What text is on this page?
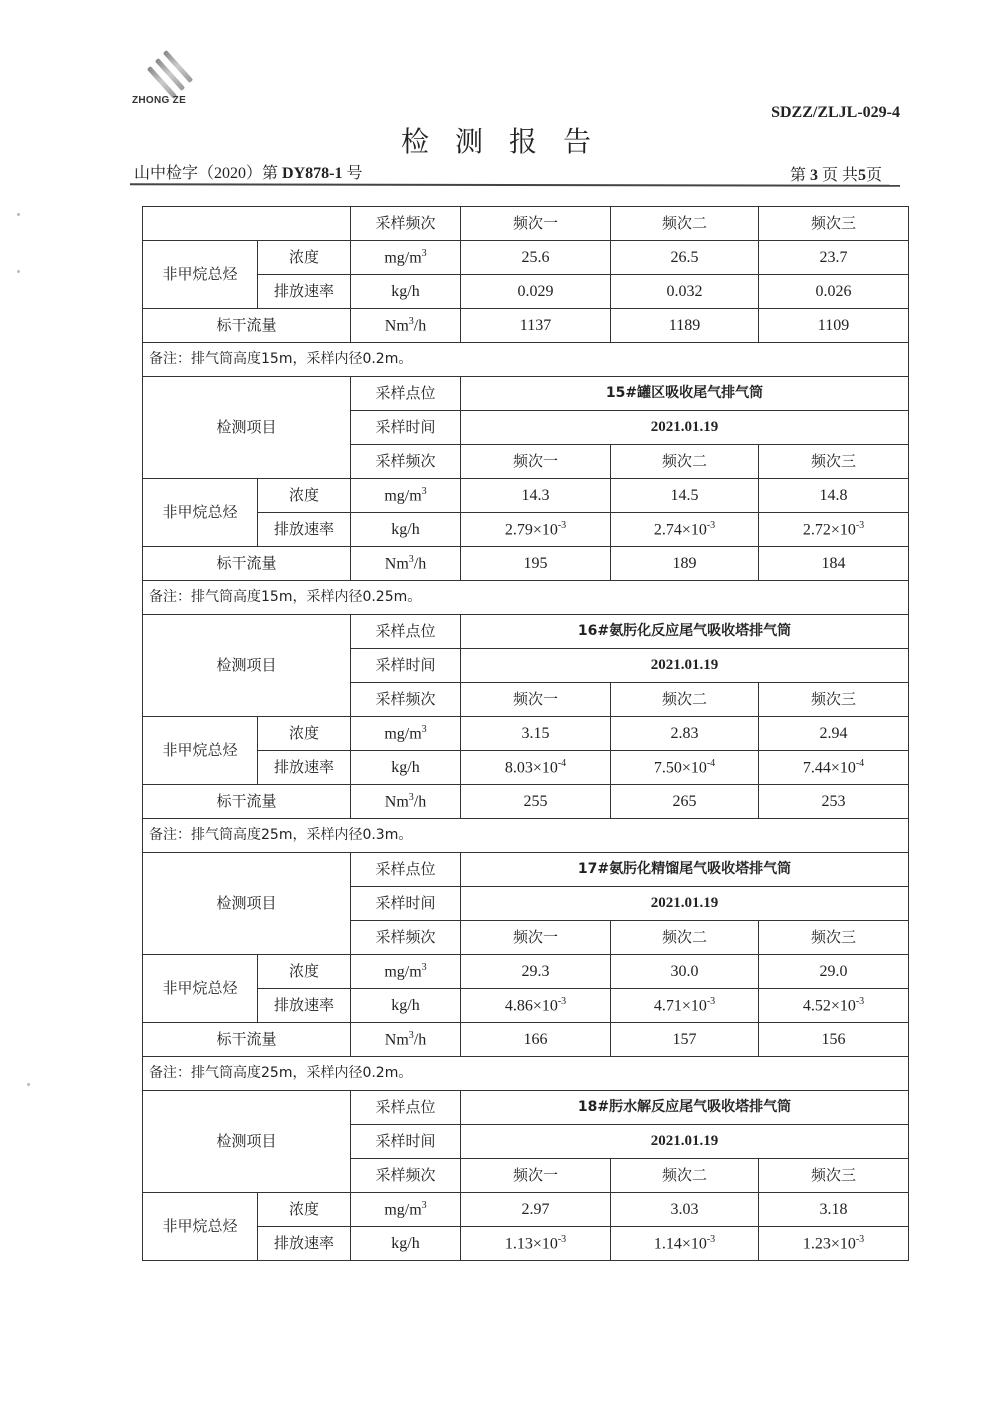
ZHONG ZE
SDZZ/ZLJL-029-4
检测报告
山中检字（2020）第 DY878-1 号	第 3 页 共5页
		采样频次	频次一	频次二	频次三
非甲烷总烃	浓度	$mg/m^3$	25.6	26.5	23.7
	排放速率	kg/h	0.029	0.032	0.026
标干流量		Nm$^3$/h	1137	1189	1109
备注：排气筒高度15m，采样内径0.2m。					
检测项目		采样点位	15#罐区吸收尾气排气筒		
		采样时间	2021.01.19		
		采样频次	频次一	频次二	频次三
非甲烷总烃	浓度	$mg/m^3$	14.3	14.5	14.8
	排放速率	kg/h	$2.79\times 10^{-3}$	$2.74\times 10^{-3}$	$2.72\times 10^{-3}$
标干流量		Nm$^3$/h	195	189	184
备注：排气筒高度15m，采样内径0.25m。					
检测项目		采样点位	16#氨肟化反应尾气吸收塔排气筒		
		采样时间	2021.01.19		
		采样频次	频次一	频次二	频次三
非甲烷总烃	浓度	$mg/m^3$	3.15	2.83	2.94
	排放速率	kg/h	$8.03\times 10^{-4}$	$7.50\times 10^{-4}$	$7.44\times 10^{-4}$
标干流量		Nm$^3$/h	255	265	253
备注：排气筒高度25m，采样内径0.3m。					
检测项目		采样点位	17#氨肟化精馏尾气吸收塔排气筒		
		采样时间	2021.01.19		
		采样频次	频次一	频次二	频次三
非甲烷总烃	浓度	$mg/m^3$	29.3	30.0	29.0
	排放速率	kg/h	$4.86\times 10^{-3}$	$4.71\times 10^{-3}$	$4.52\times 10^{-3}$
标干流量		Nm$^3$/h	166	157	156
备注：排气筒高度25m，采样内径0.2m。					
检测项目		采样点位	18#肟水解反应尾气吸收塔排气筒		
		采样时间	2021.01.19		
		采样频次	频次一	频次二	频次三
非甲烷总烃	浓度	$mg/m^3$	2.97	3.03	3.18
	排放速率	kg/h	$1.13\times 10^{-3}$	$1.14\times 10^{-3}$	$1.23\times 10^{-3}$
